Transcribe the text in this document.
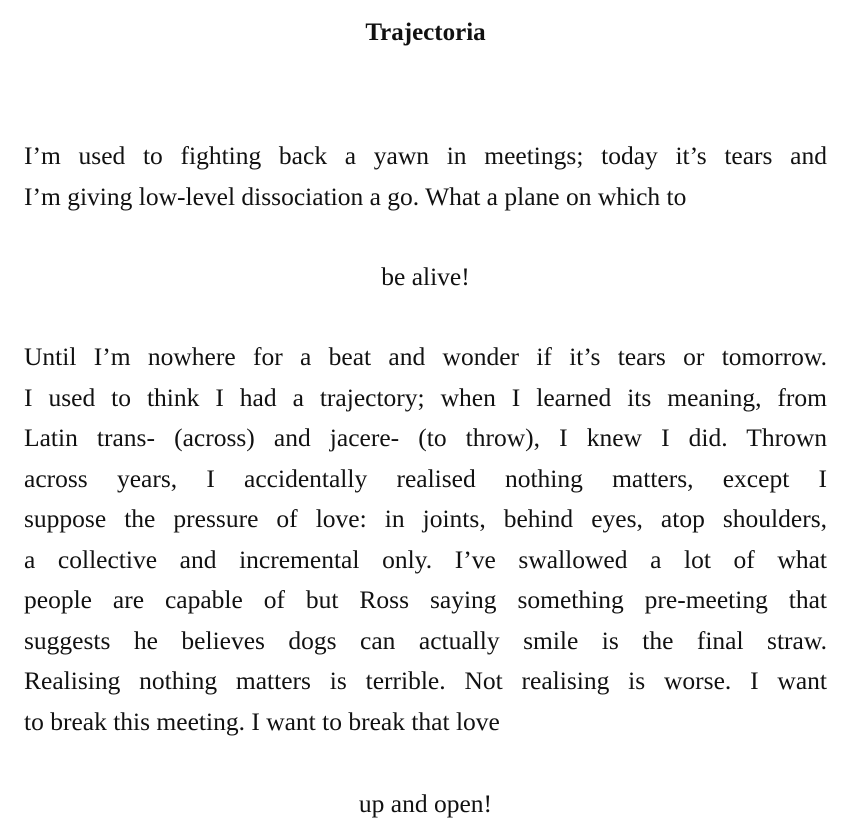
Trajectoria
I’m used to fighting back a yawn in meetings; today it’s tears and
I’m giving low-level dissociation a go. What a plane on which to
be alive!
Until I’m nowhere for a beat and wonder if it’s tears or tomorrow.
I used to think I had a trajectory; when I learned its meaning, from
Latin trans- (across) and jacere- (to throw), I knew I did. Thrown
across years, I accidentally realised nothing matters, except I
suppose the pressure of love: in joints, behind eyes, atop shoulders,
a collective and incremental only. I’ve swallowed a lot of what
people are capable of but Ross saying something pre-meeting that
suggests he believes dogs can actually smile is the final straw.
Realising nothing matters is terrible. Not realising is worse. I want
to break this meeting. I want to break that love
up and open!
